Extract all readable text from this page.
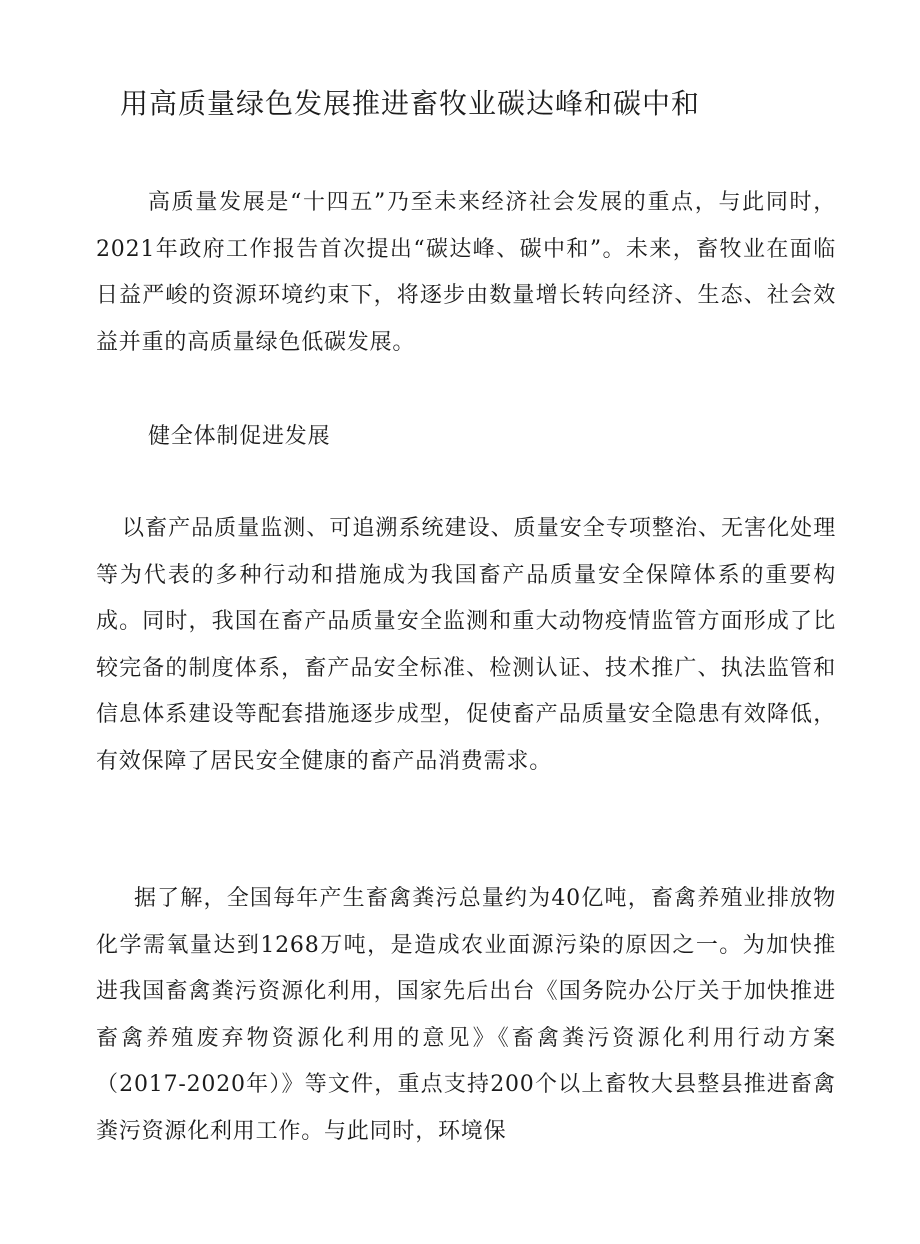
用高质量绿色发展推进畜牧业碳达峰和碳中和

高质量发展是“十四五”乃至未来经济社会发展的重点，与此同时，2021年政府工作报告首次提出“碳达峰、碳中和”。未来，畜牧业在面临日益严峻的资源环境约束下，将逐步由数量增长转向经济、生态、社会效益并重的高质量绿色低碳发展。

健全体制促进发展

以畜产品质量监测、可追溯系统建设、质量安全专项整治、无害化处理等为代表的多种行动和措施成为我国畜产品质量安全保障体系的重要构成。同时，我国在畜产品质量安全监测和重大动物疫情监管方面形成了比较完备的制度体系，畜产品安全标准、检测认证、技术推广、执法监管和信息体系建设等配套措施逐步成型，促使畜产品质量安全隐患有效降低，有效保障了居民安全健康的畜产品消费需求。

据了解，全国每年产生畜禽粪污总量约为40亿吨，畜禽养殖业排放物化学需氧量达到1268万吨，是造成农业面源污染的原因之一。为加快推进我国畜禽粪污资源化利用，国家先后出台《国务院办公厅关于加快推进畜禽养殖废弃物资源化利用的意见》《畜禽粪污资源化利用行动方案（2017-2020年）》等文件，重点支持200个以上畜牧大县整县推进畜禽粪污资源化利用工作。与此同时，环境保
